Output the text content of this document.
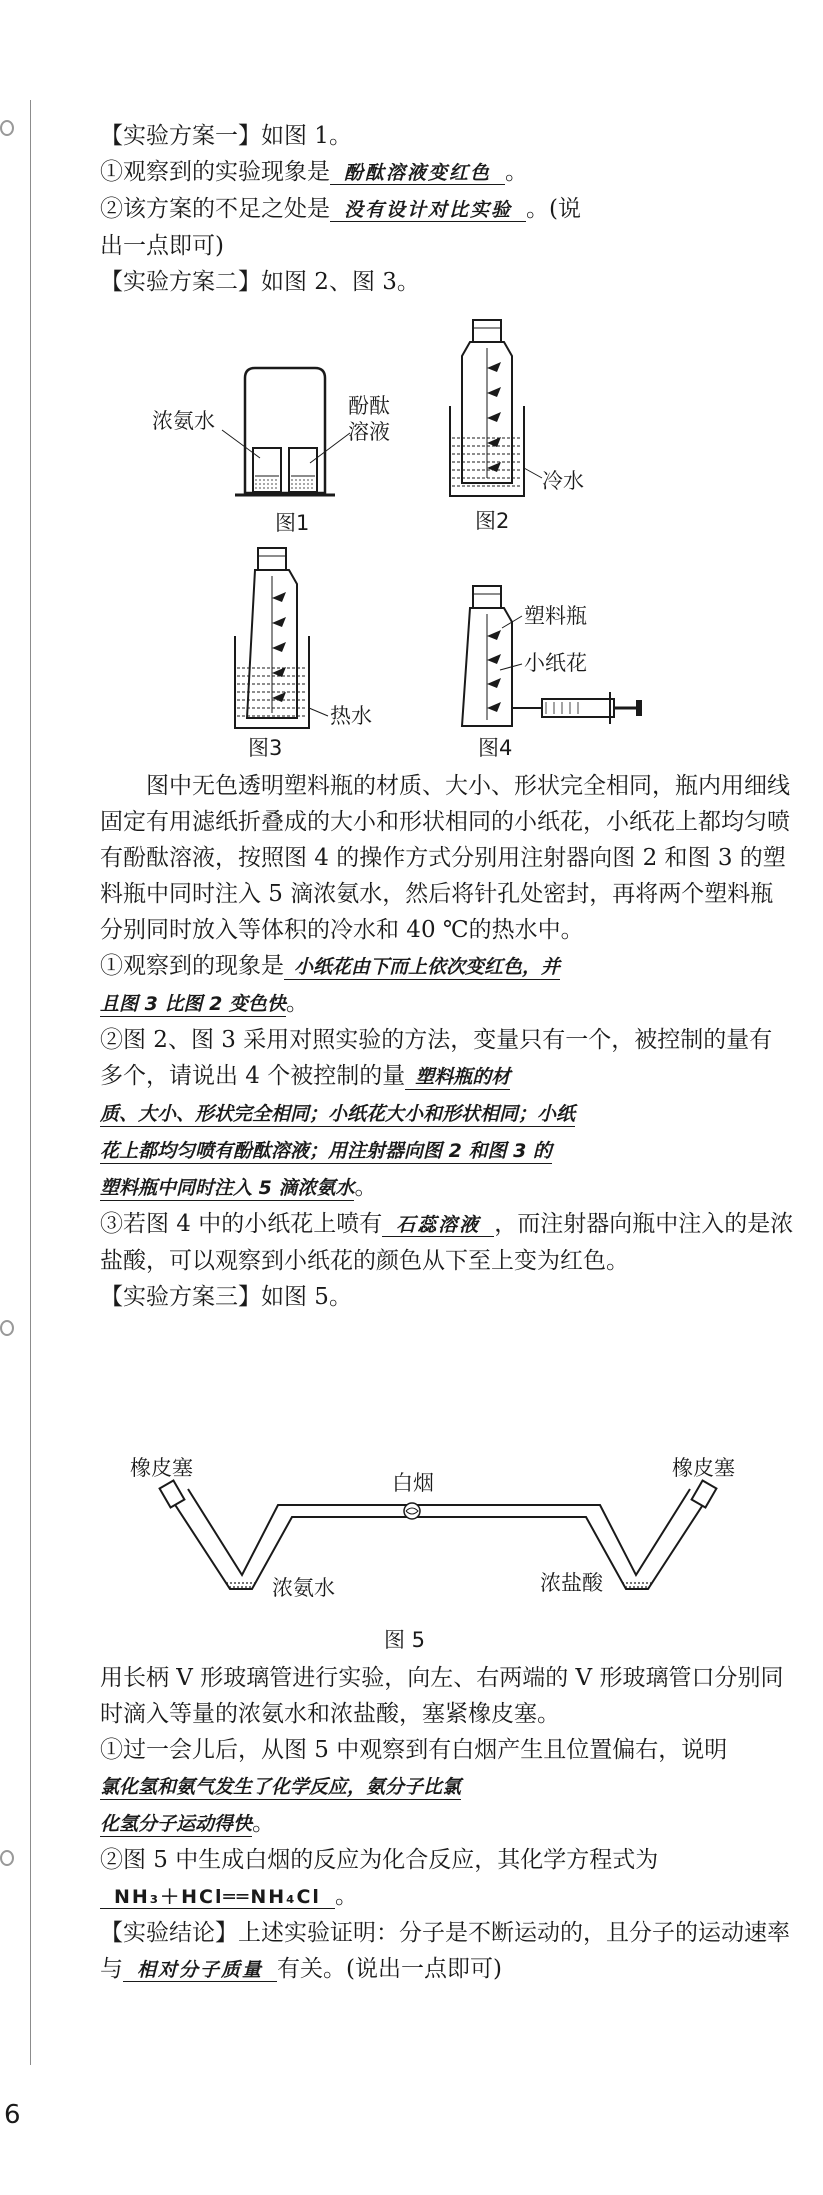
6

【实验方案一】如图 1。

①观察到的实验现象是 酚酞溶液变红色 。

②该方案的不足之处是 没有设计对比实验 。(说
出一点即可)

【实验方案二】如图 2、图 3。

浓氨水
酚酞
溶液
图1
冷水
图2
热水
图3
塑料瓶
小纸花
图4

图中无色透明塑料瓶的材质、大小、形状完全相同，瓶内用细线固定有用滤纸折叠成的大小和形状相同的小纸花，小纸花上都均匀喷有酚酞溶液，按照图 4 的操作方式分别用注射器向图 2 和图 3 的塑料瓶中同时注入 5 滴浓氨水，然后将针孔处密封，再将两个塑料瓶分别同时放入等体积的冷水和 40 ℃的热水中。

①观察到的现象是 小纸花由下而上依次变红色，并
且图 3 比图 2 变色快。

②图 2、图 3 采用对照实验的方法，变量只有一个，被控制的量有多个，请说出 4 个被控制的量 塑料瓶的材
质、大小、形状完全相同；小纸花大小和形状相同；小纸
花上都均匀喷有酚酞溶液；用注射器向图 2 和图 3 的
塑料瓶中同时注入 5 滴浓氨水。

③若图 4 中的小纸花上喷有 石蕊溶液 ，而注射器向瓶中注入的是浓盐酸，可以观察到小纸花的颜色从下至上变为红色。

【实验方案三】如图 5。

橡皮塞	橡皮塞
白烟
浓氨水	浓盐酸
图 5

用长柄 V 形玻璃管进行实验，向左、右两端的 V 形玻璃管口分别同时滴入等量的浓氨水和浓盐酸，塞紧橡皮塞。

①过一会儿后，从图 5 中观察到有白烟产生且位置偏右，说明
氯化氢和氨气发生了化学反应，氨分子比氯
化氢分子运动得快。

②图 5 中生成白烟的反应为化合反应，其化学方程式为NH₃＋HCl══NH₄Cl 。

【实验结论】上述实验证明：分子是不断运动的，且分子的运动速率与 相对分子质量 有关。(说出一点即可)
